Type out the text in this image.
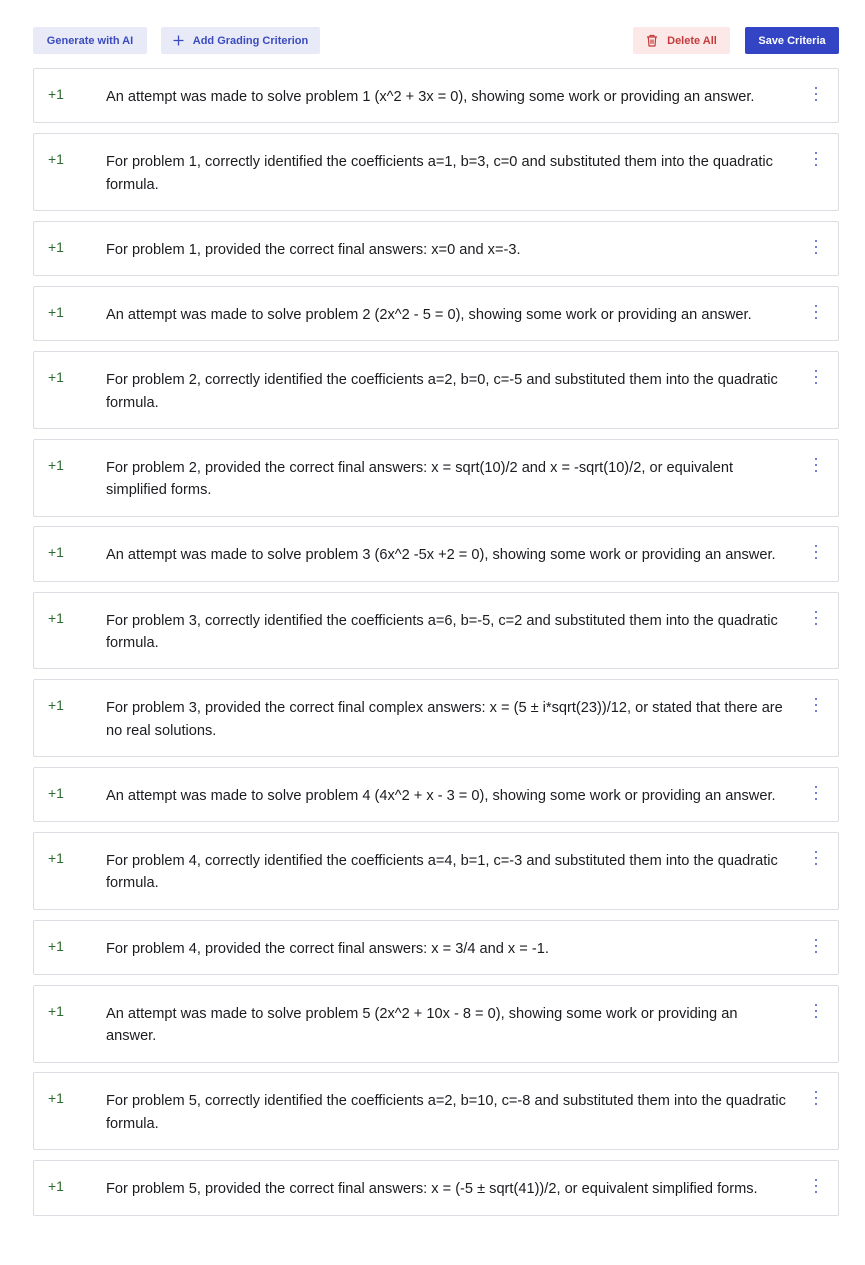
Generate with AI	Add Grading Criterion	Delete All	Save Criteria
+1	An attempt was made to solve problem 1 (x^2 + 3x = 0), showing some work or providing an answer.
+1	For problem 1, correctly identified the coefficients a=1, b=3, c=0 and substituted them into the quadratic formula.
+1	For problem 1, provided the correct final answers: x=0 and x=-3.
+1	An attempt was made to solve problem 2 (2x^2 - 5 = 0), showing some work or providing an answer.
+1	For problem 2, correctly identified the coefficients a=2, b=0, c=-5 and substituted them into the quadratic formula.
+1	For problem 2, provided the correct final answers: x = sqrt(10)/2 and x = -sqrt(10)/2, or equivalent simplified forms.
+1	An attempt was made to solve problem 3 (6x^2 -5x +2 = 0), showing some work or providing an answer.
+1	For problem 3, correctly identified the coefficients a=6, b=-5, c=2 and substituted them into the quadratic formula.
+1	For problem 3, provided the correct final complex answers: x = (5 ± i*sqrt(23))/12, or stated that there are no real solutions.
+1	An attempt was made to solve problem 4 (4x^2 + x - 3 = 0), showing some work or providing an answer.
+1	For problem 4, correctly identified the coefficients a=4, b=1, c=-3 and substituted them into the quadratic formula.
+1	For problem 4, provided the correct final answers: x = 3/4 and x = -1.
+1	An attempt was made to solve problem 5 (2x^2 + 10x - 8 = 0), showing some work or providing an answer.
+1	For problem 5, correctly identified the coefficients a=2, b=10, c=-8 and substituted them into the quadratic formula.
+1	For problem 5, provided the correct final answers: x = (-5 ± sqrt(41))/2, or equivalent simplified forms.
